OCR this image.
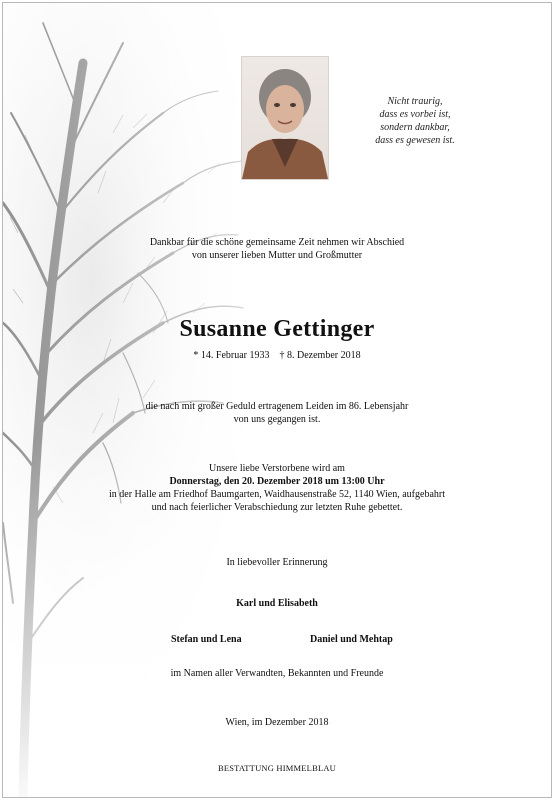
Nicht traurig,
dass es vorbei ist,
sondern dankbar,
dass es gewesen ist.
Dankbar für die schöne gemeinsame Zeit nehmen wir Abschied
von unserer lieben Mutter und Großmutter
Susanne Gettinger
* 14. Februar 1933    † 8. Dezember 2018
die nach mit großer Geduld ertragenem Leiden im 86. Lebensjahr
von uns gegangen ist.
Unsere liebe Verstorbene wird am
Donnerstag, den 20. Dezember 2018 um 13:00 Uhr
in der Halle am Friedhof Baumgarten, Waidhausenstraße 52, 1140 Wien, aufgebahrt
und nach feierlicher Verabschiedung zur letzten Ruhe gebettet.
In liebevoller Erinnerung
Karl und Elisabeth
Stefan und Lena	Daniel und Mehtap
im Namen aller Verwandten, Bekannten und Freunde
Wien, im Dezember 2018
BESTATTUNG HIMMELBLAU
